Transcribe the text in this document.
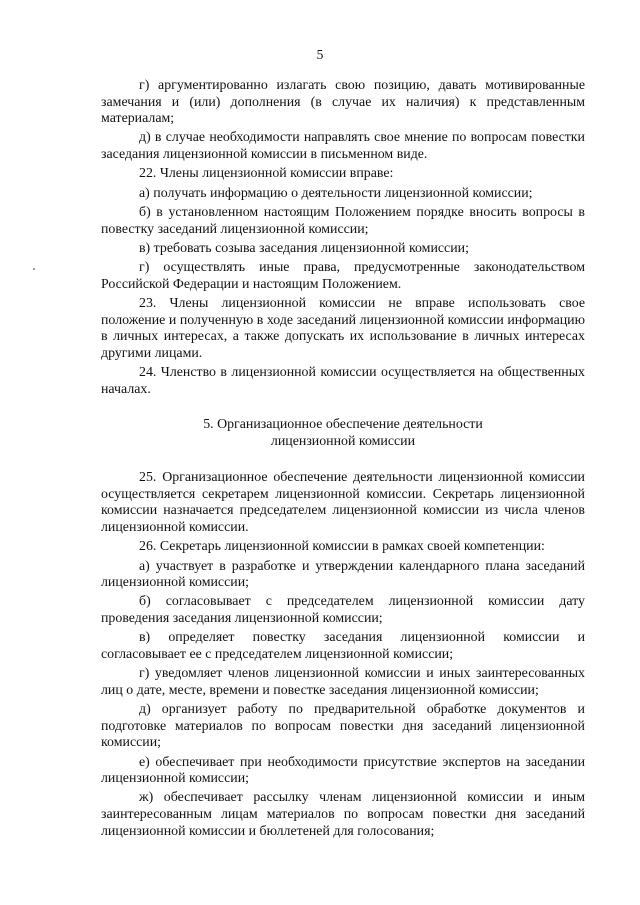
5

г) аргументированно излагать свою позицию, давать мотивированные замечания и (или) дополнения (в случае их наличия) к представленным материалам;

д) в случае необходимости направлять свое мнение по вопросам повестки заседания лицензионной комиссии в письменном виде.

22. Члены лицензионной комиссии вправе:

а) получать информацию о деятельности лицензионной комиссии;

б) в установленном настоящим Положением порядке вносить вопросы в повестку заседаний лицензионной комиссии;

в) требовать созыва заседания лицензионной комиссии;

г) осуществлять иные права, предусмотренные законодательством Российской Федерации и настоящим Положением.

23. Члены лицензионной комиссии не вправе использовать свое положение и полученную в ходе заседаний лицензионной комиссии информацию в личных интересах, а также допускать их использование в личных интересах другими лицами.

24. Членство в лицензионной комиссии осуществляется на общественных началах.

5. Организационное обеспечение деятельности
лицензионной комиссии

25. Организационное обеспечение деятельности лицензионной комиссии осуществляется секретарем лицензионной комиссии. Секретарь лицензионной комиссии назначается председателем лицензионной комиссии из числа членов лицензионной комиссии.

26. Секретарь лицензионной комиссии в рамках своей компетенции:

а) участвует в разработке и утверждении календарного плана заседаний лицензионной комиссии;

б) согласовывает с председателем лицензионной комиссии дату проведения заседания лицензионной комиссии;

в) определяет повестку заседания лицензионной комиссии и согласовывает ее с председателем лицензионной комиссии;

г) уведомляет членов лицензионной комиссии и иных заинтересованных лиц о дате, месте, времени и повестке заседания лицензионной комиссии;

д) организует работу по предварительной обработке документов и подготовке материалов по вопросам повестки дня заседаний лицензионной комиссии;

е) обеспечивает при необходимости присутствие экспертов на заседании лицензионной комиссии;

ж) обеспечивает рассылку членам лицензионной комиссии и иным заинтересованным лицам материалов по вопросам повестки дня заседаний лицензионной комиссии и бюллетеней для голосования;
